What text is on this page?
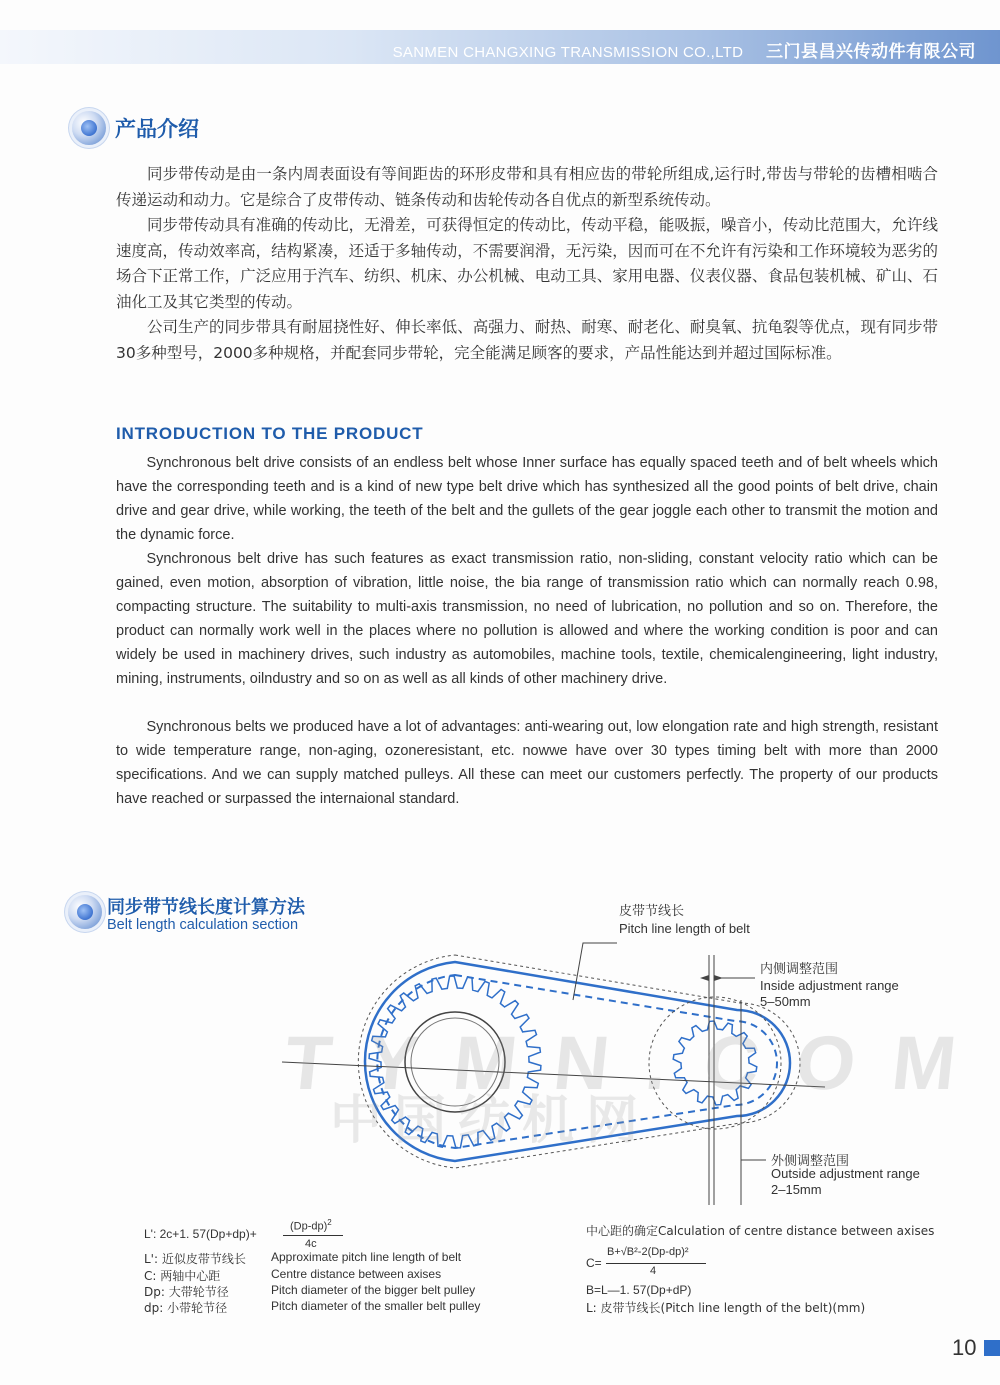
SANMEN CHANGXING TRANSMISSION CO.,LTD 三门县昌兴传动件有限公司
产品介绍

同步带传动是由一条内周表面设有等间距齿的环形皮带和具有相应齿的带轮所组成,运行时,带齿与带轮的齿槽相啮合传递运动和动力。它是综合了皮带传动、链条传动和齿轮传动各自优点的新型系统传动。

同步带传动具有准确的传动比，无滑差，可获得恒定的传动比，传动平稳，能吸振，噪音小，传动比范围大，允许线速度高，传动效率高，结构紧凑，还适于多轴传动，不需要润滑，无污染，因而可在不允许有污染和工作环境较为恶劣的场合下正常工作，广泛应用于汽车、纺织、机床、办公机械、电动工具、家用电器、仪表仪器、食品包装机械、矿山、石油化工及其它类型的传动。

公司生产的同步带具有耐屈挠性好、伸长率低、高强力、耐热、耐寒、耐老化、耐臭氧、抗龟裂等优点，现有同步带30多种型号，2000多种规格，并配套同步带轮，完全能满足顾客的要求，产品性能达到并超过国际标准。

INTRODUCTION TO THE PRODUCT

Synchronous belt drive consists of an endless belt whose Inner surface has equally spaced teeth and of belt wheels which have the corresponding teeth and is a kind of new type belt drive which has synthesized all the good points of belt drive, chain drive and gear drive, while working, the teeth of the belt and the gullets of the gear joggle each other to transmit the motion and the dynamic force.

Synchronous belt drive has such features as exact transmission ratio, non-sliding, constant velocity ratio which can be gained, even motion, absorption of vibration, little noise, the bia range of transmission ratio which can normally reach 0.98, compacting structure. The suitability to multi-axis transmission, no need of lubrication, no pollution and so on. Therefore, the product can normally work well in the places where no pollution is allowed and where the working condition is poor and can widely be used in machinery drives, such industry as automobiles, machine tools, textile, chemicalengineering, light industry, mining, instruments, oilndustry and so on as well as all kinds of other machinery drive.

Synchronous belts we produced have a lot of advantages: anti-wearing out, low elongation rate and high strength, resistant to wide temperature range, non-aging, ozoneresistant, etc. nowwe have over 30 types timing belt with more than 2000 specifications. And we can supply matched pulleys. All these can meet our customers perfectly. The property of our products have reached or surpassed the internaional standard.

同步带节线长度计算方法
Belt length calculation section
T Y M N . C O M
中国纺机网
皮带节线长
Pitch line length of belt
内侧调整范围
Inside adjustment range
5–50mm
外侧调整范围
Outside adjustment range
2–15mm
L': 2c+1. 57(Dp+dp)+
$(Dp-dp)^2$
4c
L': 近似皮带节线长 Approximate pitch line length of belt
C: 两轴中心距	Centre distance between axises
Dp: 大带轮节径	Pitch diameter of the bigger belt pulley
dp: 小带轮节径	Pitch diameter of the smaller belt pulley
中心距的确定Calculation of centre distance between axises
C=
B+√B²-2(Dp-dp)²
4
B=L—1. 57(Dp+dP)
L: 皮带节线长(Pitch line length of the belt)(mm)
10
